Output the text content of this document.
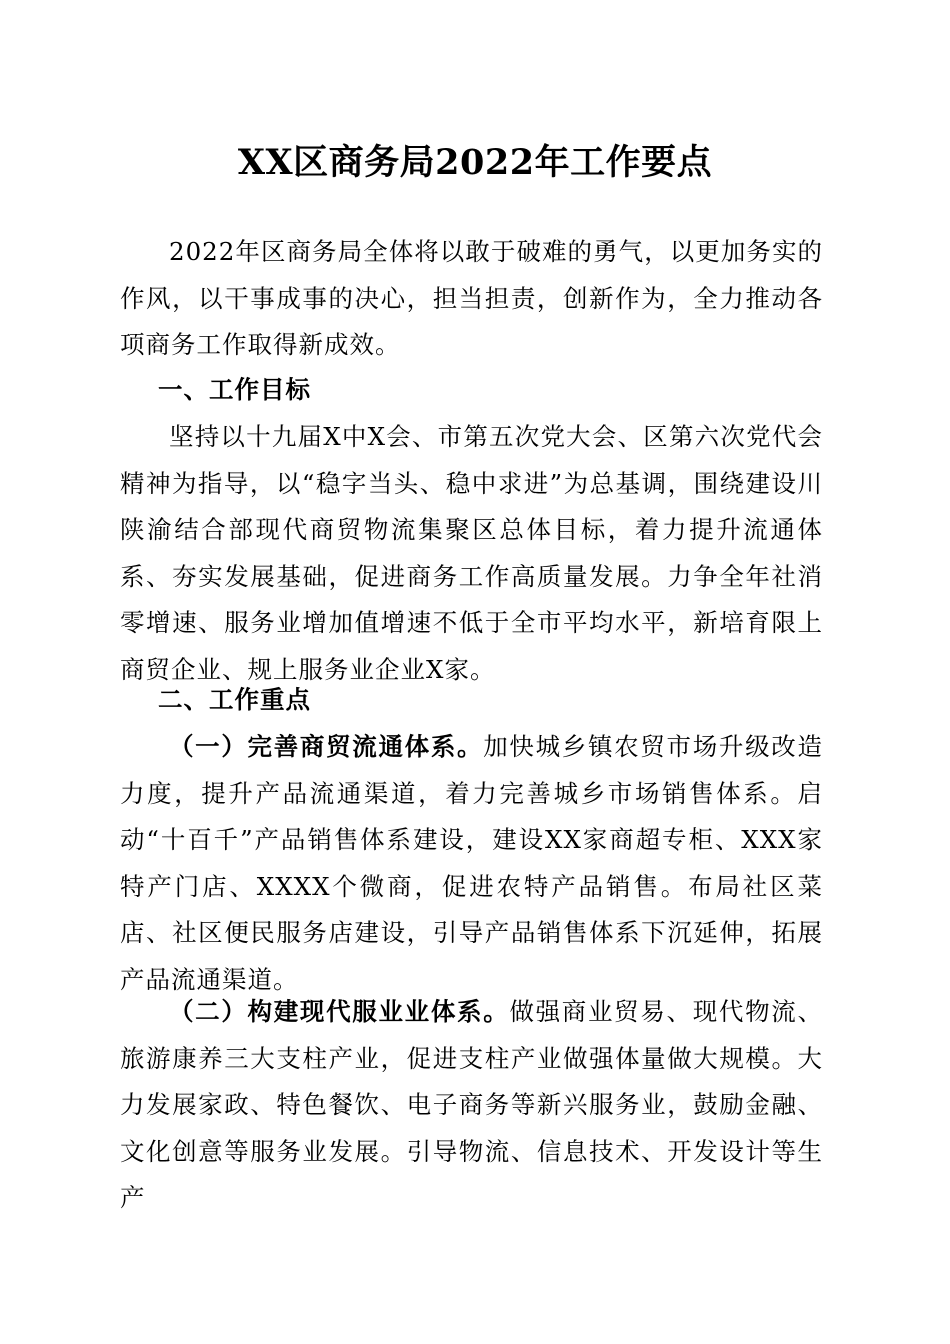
XX区商务局2022年工作要点

2022年区商务局全体将以敢于破难的勇气，以更加务实的作风，以干事成事的决心，担当担责，创新作为，全力推动各项商务工作取得新成效。

一、工作目标

坚持以十九届X中X会、市第五次党大会、区第六次党代会精神为指导，以“稳字当头、稳中求进”为总基调，围绕建设川陕渝结合部现代商贸物流集聚区总体目标，着力提升流通体系、夯实发展基础，促进商务工作高质量发展。力争全年社消零增速、服务业增加值增速不低于全市平均水平，新培育限上商贸企业、规上服务业企业X家。

二、工作重点

（一）完善商贸流通体系。加快城乡镇农贸市场升级改造力度，提升产品流通渠道，着力完善城乡市场销售体系。启动“十百千”产品销售体系建设，建设XX家商超专柜、XXX家特产门店、XXXX个微商，促进农特产品销售。布局社区菜店、社区便民服务店建设，引导产品销售体系下沉延伸，拓展产品流通渠道。

（二）构建现代服业业体系。做强商业贸易、现代物流、旅游康养三大支柱产业，促进支柱产业做强体量做大规模。大力发展家政、特色餐饮、电子商务等新兴服务业，鼓励金融、文化创意等服务业发展。引导物流、信息技术、开发设计等生产
